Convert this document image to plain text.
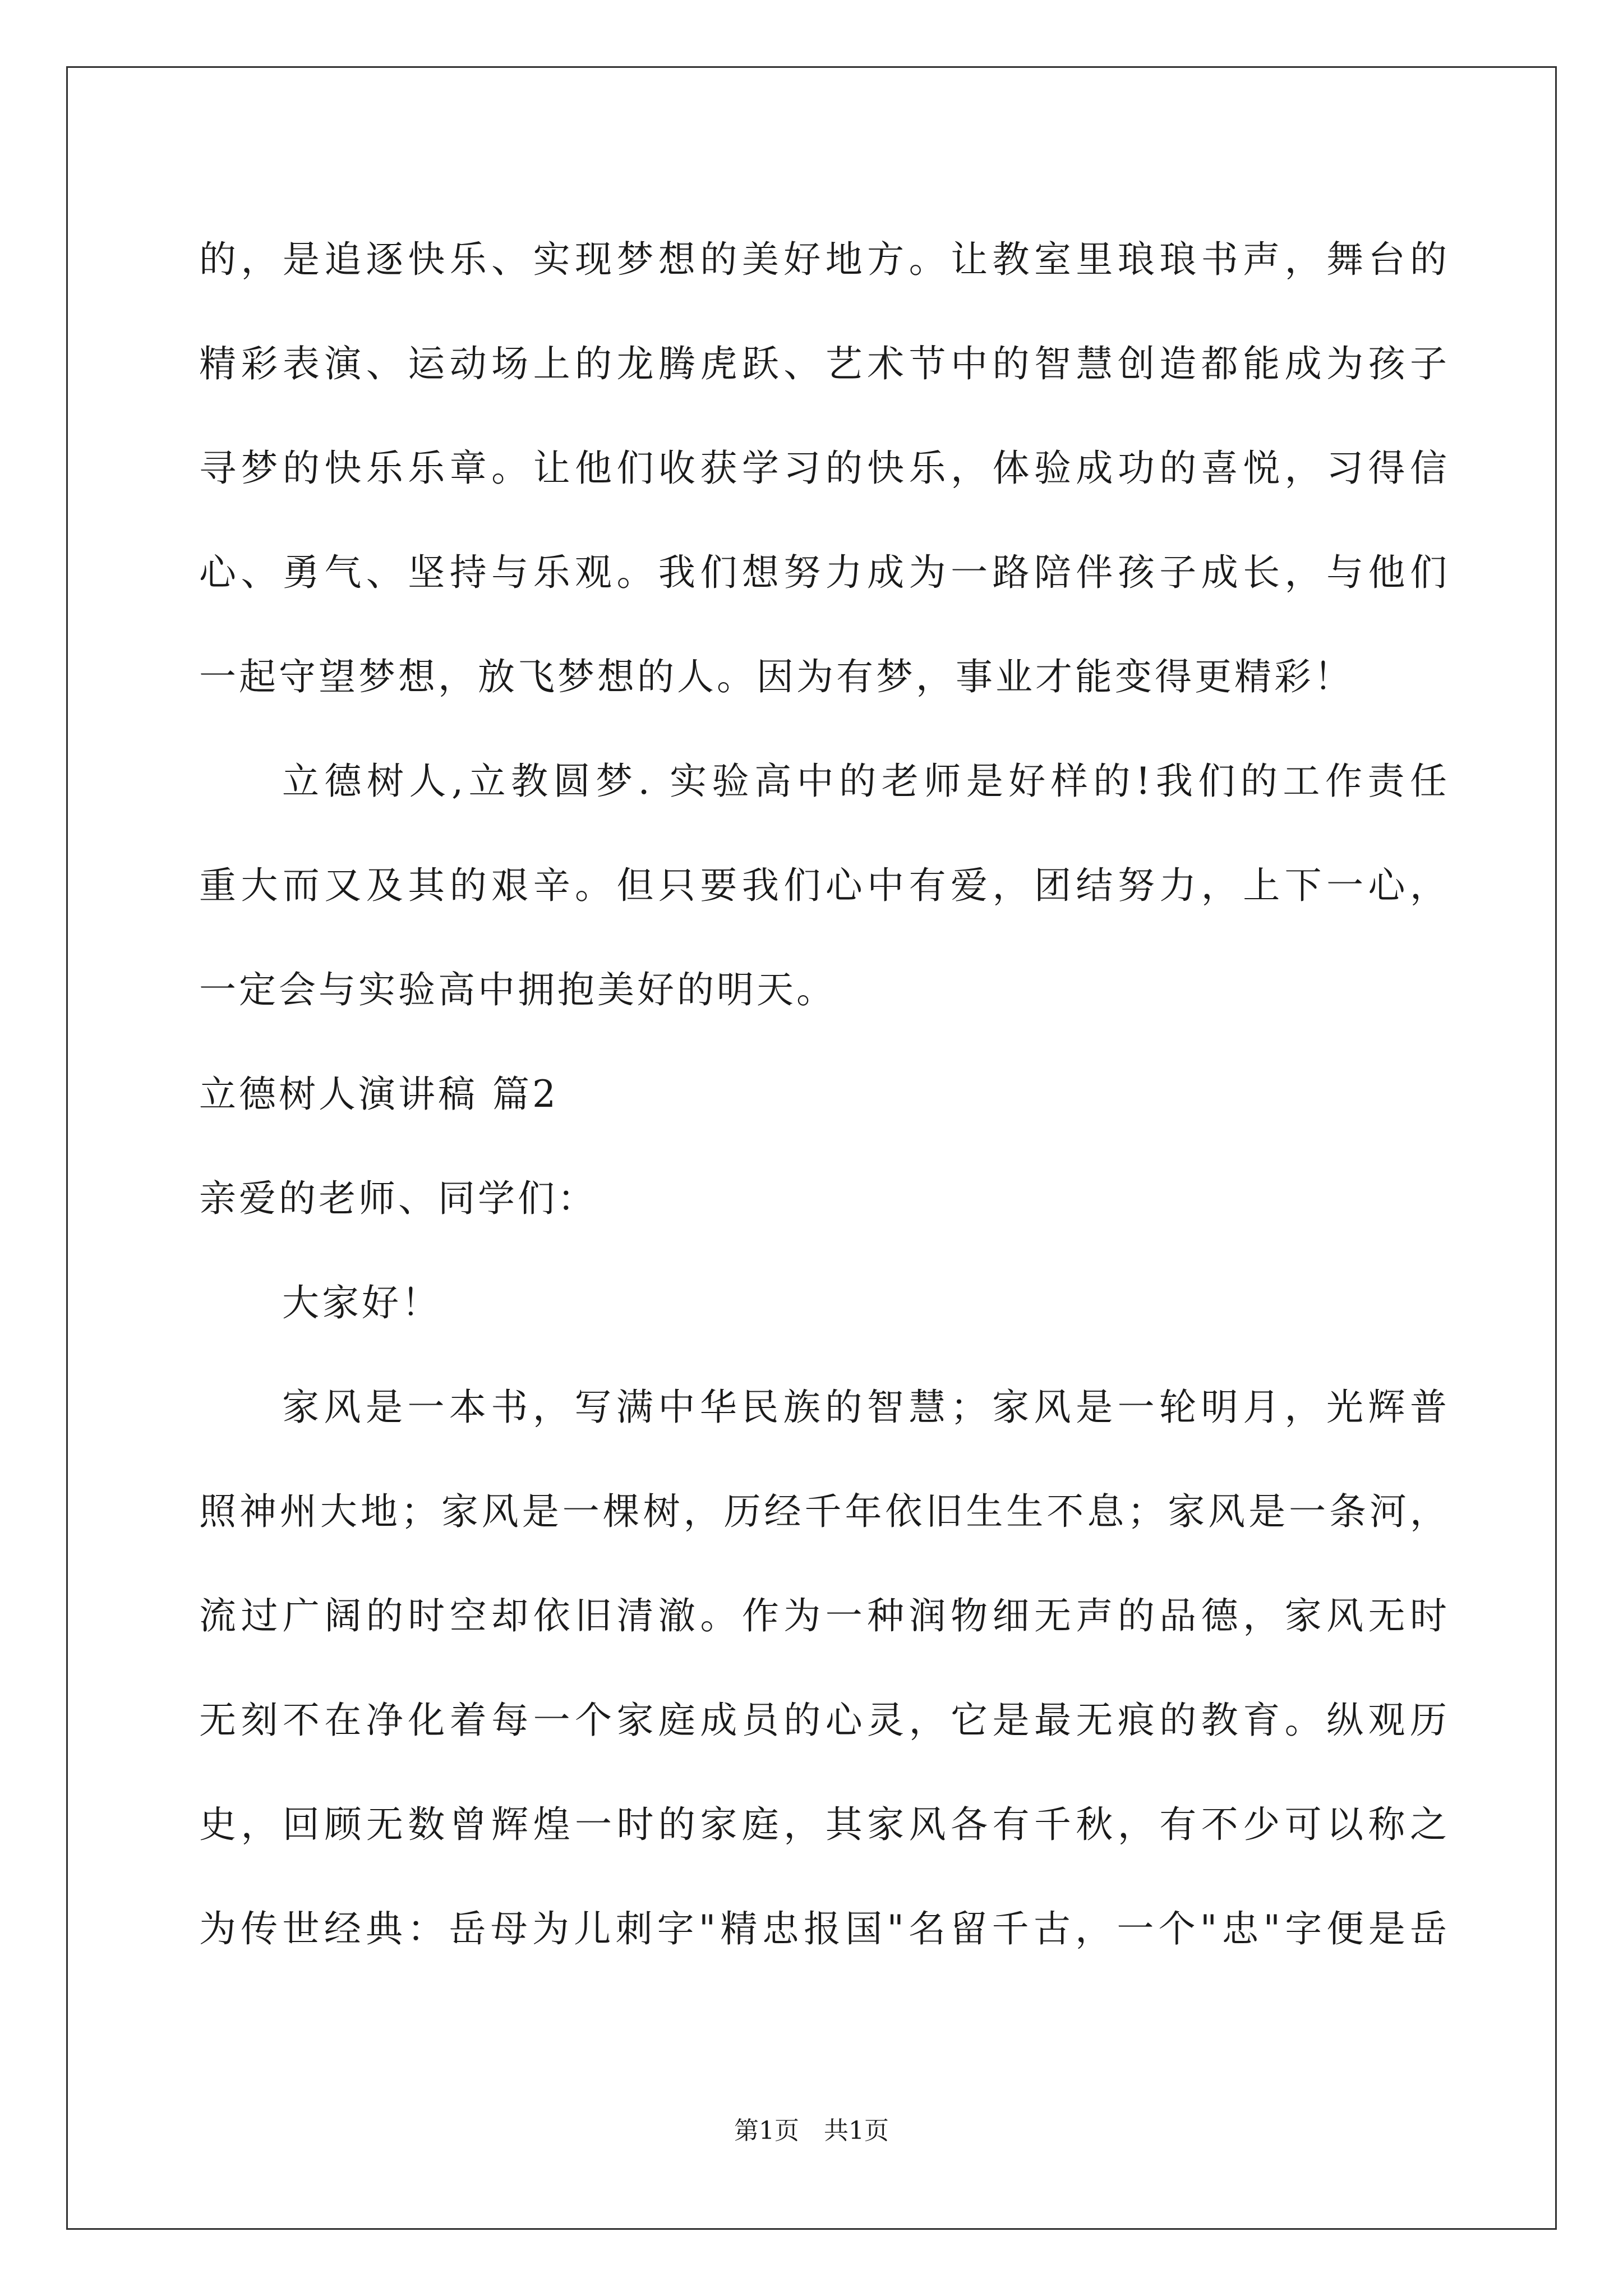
的，是追逐快乐、实现梦想的美好地方。让教室里琅琅书声，舞台的
精彩表演、运动场上的龙腾虎跃、艺术节中的智慧创造都能成为孩子
寻梦的快乐乐章。让他们收获学习的快乐，体验成功的喜悦，习得信
心、勇气、坚持与乐观。我们想努力成为一路陪伴孩子成长，与他们
一起守望梦想，放飞梦想的人。因为有梦，事业才能变得更精彩！
立德树人,立教圆梦. 实验高中的老师是好样的!我们的工作责任
重大而又及其的艰辛。但只要我们心中有爱，团结努力，上下一心，
一定会与实验高中拥抱美好的明天。
立德树人演讲稿 篇2
亲爱的老师、同学们：
大家好！
家风是一本书，写满中华民族的智慧；家风是一轮明月，光辉普
照神州大地；家风是一棵树，历经千年依旧生生不息；家风是一条河，
流过广阔的时空却依旧清澈。作为一种润物细无声的品德，家风无时
无刻不在净化着每一个家庭成员的心灵，它是最无痕的教育。纵观历
史，回顾无数曾辉煌一时的家庭，其家风各有千秋，有不少可以称之
为传世经典：岳母为儿刺字"精忠报国"名留千古，一个"忠"字便是岳
第1页　共1页
